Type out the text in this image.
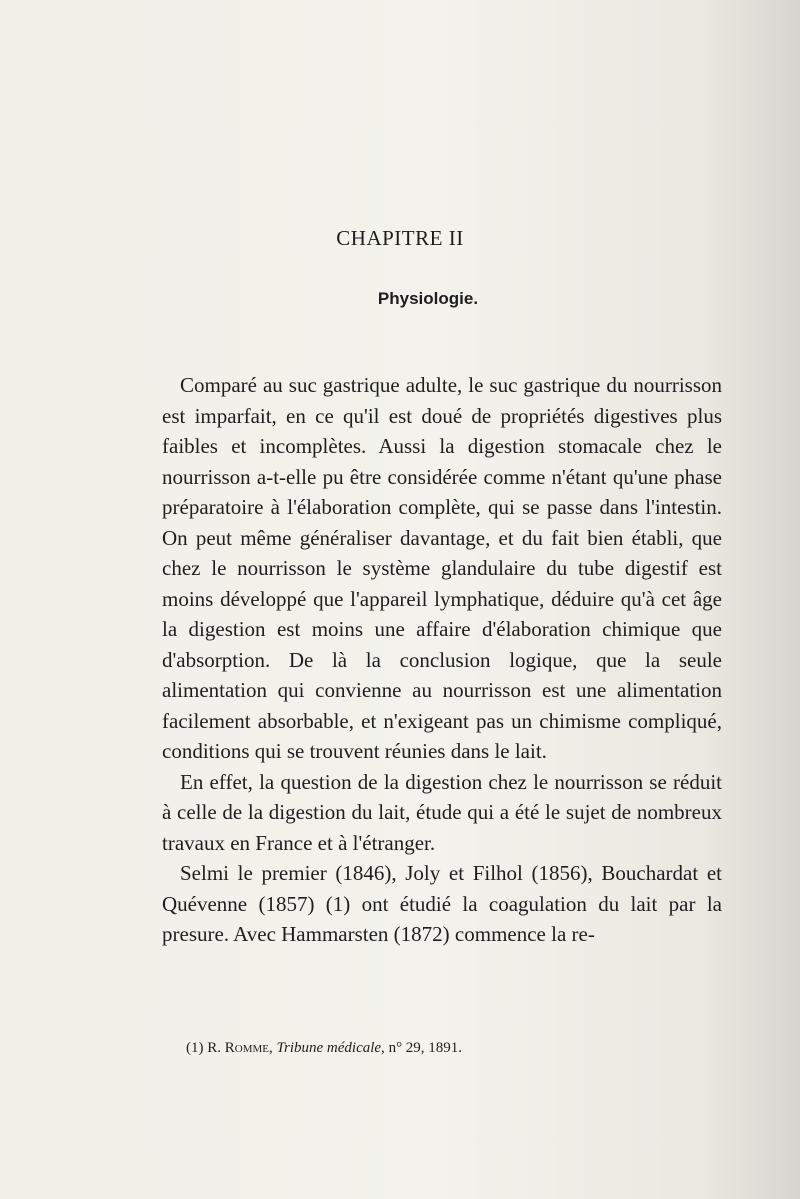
CHAPITRE II
Physiologie.

Comparé au suc gastrique adulte, le suc gastrique du nourrisson est imparfait, en ce qu'il est doué de propriétés digestives plus faibles et incomplètes. Aussi la digestion stomacale chez le nourrisson a-t-elle pu être considérée comme n'étant qu'une phase préparatoire à l'élaboration complète, qui se passe dans l'intestin. On peut même généraliser davantage, et du fait bien établi, que chez le nourrisson le système glandulaire du tube digestif est moins développé que l'appareil lymphatique, déduire qu'à cet âge la digestion est moins une affaire d'élaboration chimique que d'absorption. De là la conclusion logique, que la seule alimentation qui convienne au nourrisson est une alimentation facilement absorbable, et n'exigeant pas un chimisme compliqué, conditions qui se trouvent réunies dans le lait.

En effet, la question de la digestion chez le nourrisson se réduit à celle de la digestion du lait, étude qui a été le sujet de nombreux travaux en France et à l'étranger.

Selmi le premier (1846), Joly et Filhol (1856), Bouchardat et Quévenne (1857) (1) ont étudié la coagulation du lait par la presure. Avec Hammarsten (1872) commence la re-

(1) R. Romme, Tribune médicale, n° 29, 1891.
